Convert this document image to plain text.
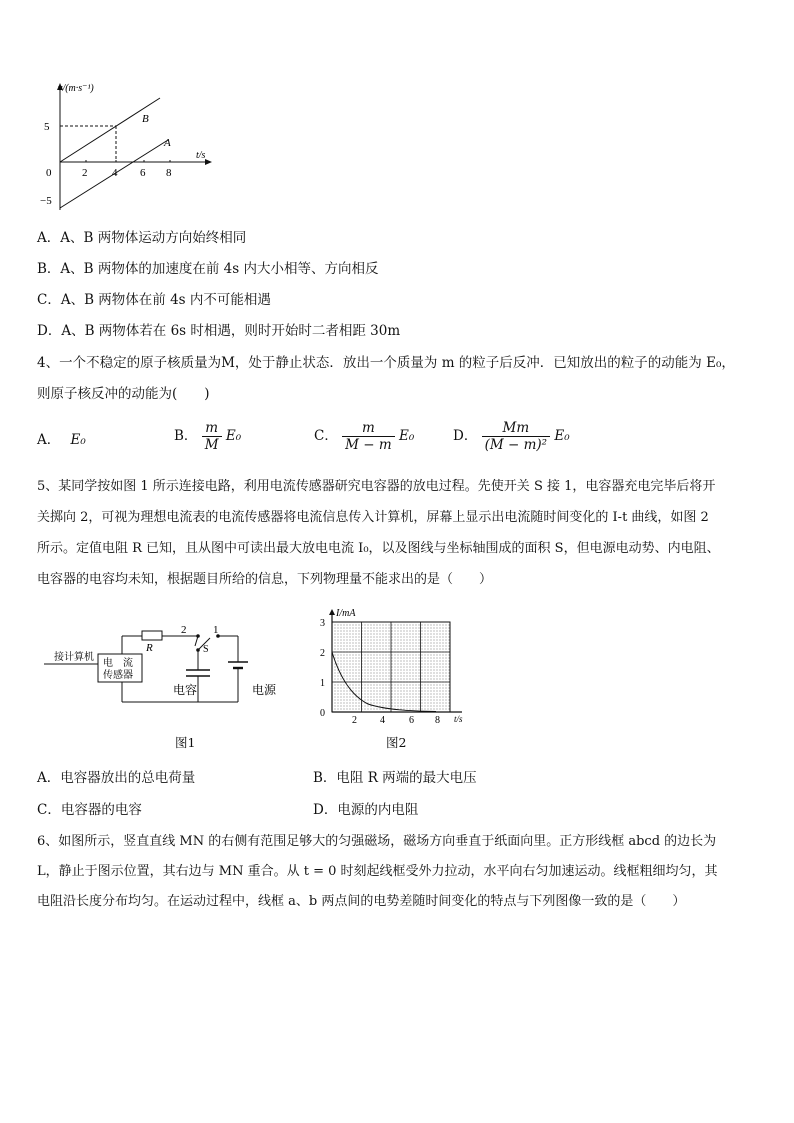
v/(m·s⁻¹)
t/s
5
0
−5
2 4 6 8
B
A
A．A、B 两物体运动方向始终相同
B．A、B 两物体的加速度在前 4s 内大小相等、方向相反
C．A、B 两物体在前 4s 内不可能相遇
D．A、B 两物体若在 6s 时相遇，则时开始时二者相距 30m
4、一个不稳定的原子核质量为M，处于静止状态．放出一个质量为 m 的粒子后反冲．已知放出的粒子的动能为 E₀，
则原子核反冲的动能为(　　)
A． E₀	B． $\frac{m}{M} E_0$	C． $\frac{m}{M - m} E_0$	D． $\frac{Mm}{\text{(M − m)²}} E_0$
5、某同学按如图 1 所示连接电路，利用电流传感器研究电容器的放电过程。先使开关 S 接 1，电容器充电完毕后将开
关掷向 2，可视为理想电流表的电流传感器将电流信息传入计算机，屏幕上显示出电流随时间变化的 I-t 曲线，如图 2
所示。定值电阻 R 已知，且从图中可读出最大放电电流 I₀，以及图线与坐标轴围成的面积 S，但电源电动势、内电阻、
电容器的电容均未知，根据题目所给的信息，下列物理量不能求出的是（　　）
接计算机
电　流
传感器
R
2 1
S
电容	电源
图1
I/mA
t/s
3
2
1
0
2 4 6 8
图2
A．电容器放出的总电荷量	B．电阻 R 两端的最大电压
C．电容器的电容	D．电源的内电阻
6、如图所示，竖直直线 MN 的右侧有范围足够大的匀强磁场，磁场方向垂直于纸面向里。正方形线框 abcd 的边长为
L，静止于图示位置，其右边与 MN 重合。从 t = 0 时刻起线框受外力拉动，水平向右匀加速运动。线框粗细均匀，其
电阻沿长度分布均匀。在运动过程中，线框 a、b 两点间的电势差随时间变化的特点与下列图像一致的是（　　）
